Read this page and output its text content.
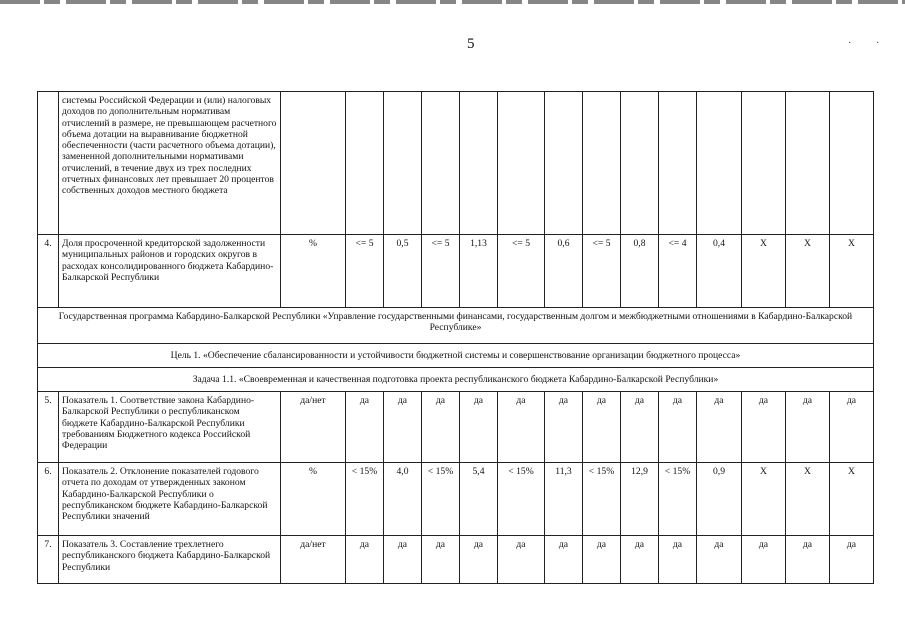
5	· ·
	системы Российской Федерации и (или) налоговых доходов по дополнительным нормативам отчислений в размере, не превышающем расчетного объема дотации на выравнивание бюджетной обеспеченности (части расчетного объема дотации), замененной дополнительными нормативами отчислений, в течение двух из трех последних отчетных финансовых лет превышает 20 процентов собственных доходов местного бюджета														
4.	Доля просроченной кредиторской задолженности муниципальных районов и городских округов в расходах консолидированного бюджета Кабардино-Балкарской Республики	%	<= 5	0,5	<= 5	1,13	<= 5	0,6	<= 5	0,8	<= 4	0,4	X	X	X
Государственная программа Кабардино-Балкарской Республики «Управление государственными финансами, государственным долгом и межбюджетными отношениями в Кабардино-Балкарской Республике»															
Цель 1. «Обеспечение сбалансированности и устойчивости бюджетной системы и совершенствование организации бюджетного процесса»															
Задача 1.1. «Своевременная и качественная подготовка проекта республиканского бюджета Кабардино-Балкарской Республики»															
5.	Показатель 1. Соответствие закона Кабардино-Балкарской Республики о республиканском бюджете Кабардино-Балкарской Республики требованиям Бюджетного кодекса Российской Федерации	да/нет	да	да	да	да	да	да	да	да	да	да	да	да	да
6.	Показатель 2. Отклонение показателей годового отчета по доходам от утвержденных законом Кабардино-Балкарской Республики о республиканском бюджете Кабардино-Балкарской Республики значений	%	< 15%	4,0	< 15%	5,4	< 15%	11,3	< 15%	12,9	< 15%	0,9	X	X	X
7.	Показатель 3. Составление трехлетнего республиканского бюджета Кабардино-Балкарской Республики	да/нет	да	да	да	да	да	да	да	да	да	да	да	да	да
